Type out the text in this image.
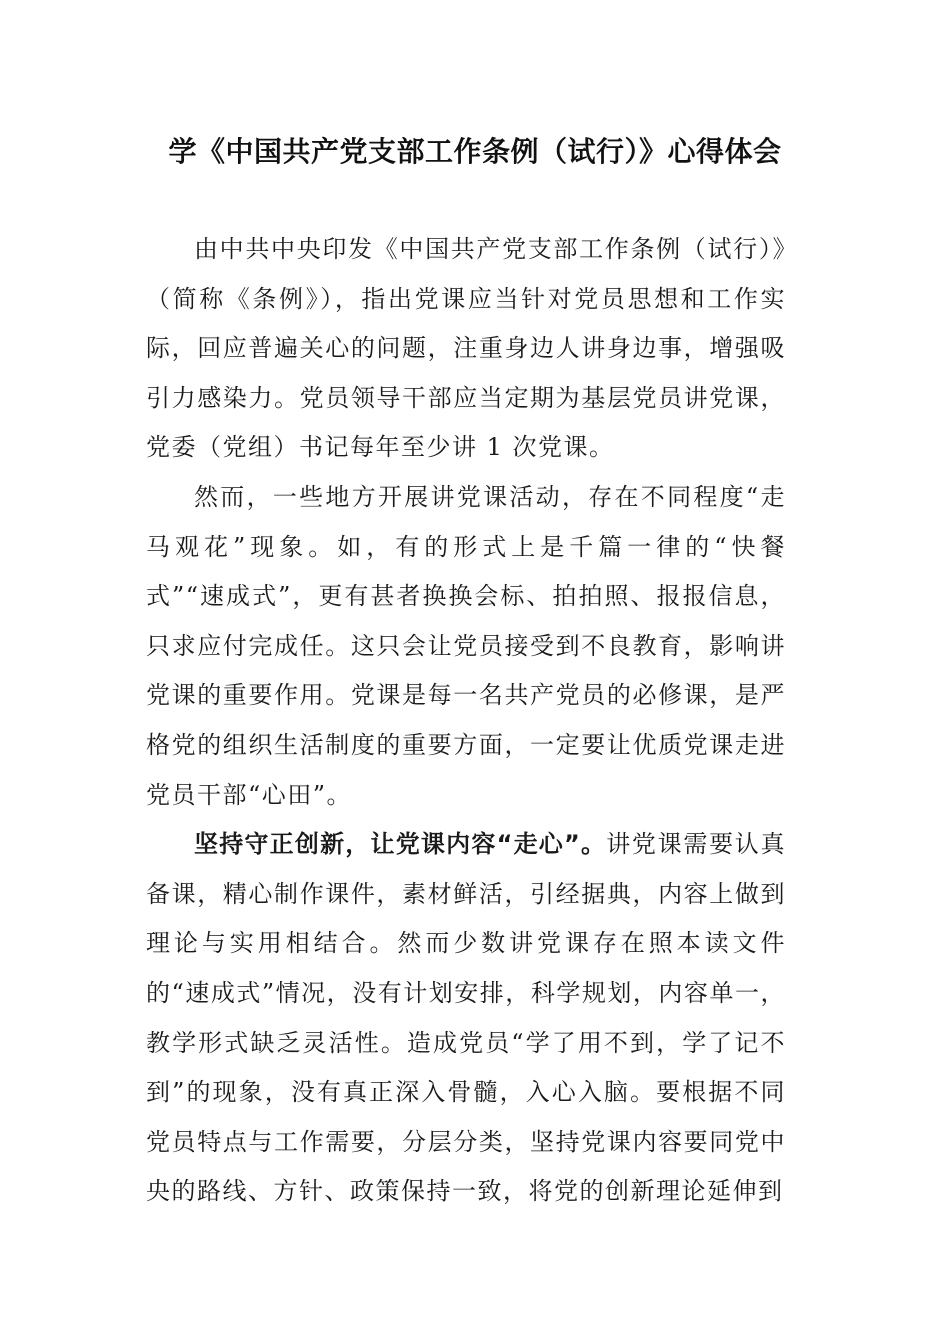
学《中国共产党支部工作条例（试行）》心得体会

由中共中央印发《中国共产党支部工作条例（试行）》（简称《条例》），指出党课应当针对党员思想和工作实际，回应普遍关心的问题，注重身边人讲身边事，增强吸引力感染力。党员领导干部应当定期为基层党员讲党课，党委（党组）书记每年至少讲 1 次党课。

然而，一些地方开展讲党课活动，存在不同程度“走马观花”现象。如，有的形式上是千篇一律的“快餐式”“速成式”，更有甚者换换会标、拍拍照、报报信息，只求应付完成任。这只会让党员接受到不良教育，影响讲党课的重要作用。党课是每一名共产党员的必修课，是严格党的组织生活制度的重要方面，一定要让优质党课走进党员干部“心田”。

坚持守正创新，让党课内容“走心”。讲党课需要认真备课，精心制作课件，素材鲜活，引经据典，内容上做到理论与实用相结合。然而少数讲党课存在照本读文件的“速成式”情况，没有计划安排，科学规划，内容单一，教学形式缺乏灵活性。造成党员“学了用不到，学了记不到”的现象，没有真正深入骨髓，入心入脑。要根据不同党员特点与工作需要，分层分类，坚持党课内容要同党中央的路线、方针、政策保持一致，将党的创新理论延伸到
